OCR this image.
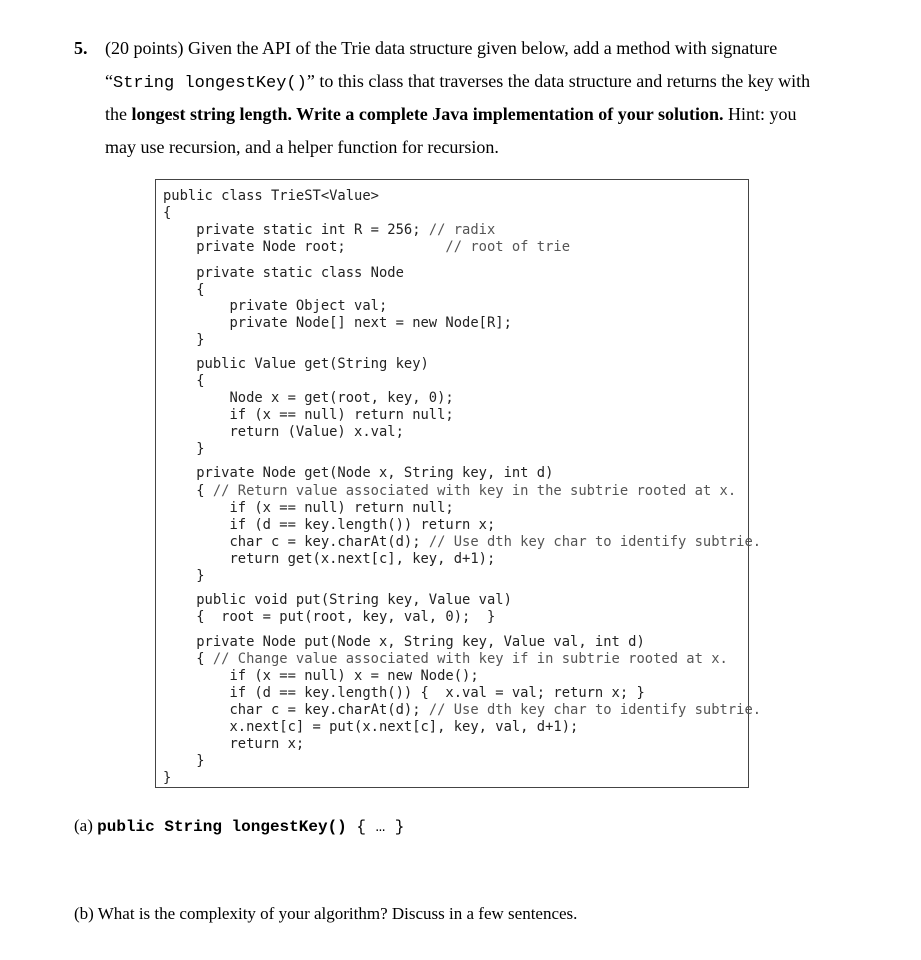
5. (20 points) Given the API of the Trie data structure given below, add a method with signature
“String longestKey()” to this class that traverses the data structure and returns the key with
the longest string length. Write a complete Java implementation of your solution. Hint: you
may use recursion, and a helper function for recursion.
public class TrieST<Value>
{
private static int R = 256; // radix
private Node root;            // root of trie
private static class Node
{
private Object val;
private Node[] next = new Node[R];
}
public Value get(String key)
{
Node x = get(root, key, 0);
if (x == null) return null;
return (Value) x.val;
}
private Node get(Node x, String key, int d)
{ // Return value associated with key in the subtrie rooted at x.
if (x == null) return null;
if (d == key.length()) return x;
char c = key.charAt(d); // Use dth key char to identify subtrie.
return get(x.next[c], key, d+1);
}
public void put(String key, Value val)
{  root = put(root, key, val, 0);  }
private Node put(Node x, String key, Value val, int d)
{ // Change value associated with key if in subtrie rooted at x.
if (x == null) x = new Node();
if (d == key.length()) {  x.val = val; return x; }
char c = key.charAt(d); // Use dth key char to identify subtrie.
x.next[c] = put(x.next[c], key, val, d+1);
return x;
}
}
(a) public String longestKey() { … }
(b) What is the complexity of your algorithm? Discuss in a few sentences.
